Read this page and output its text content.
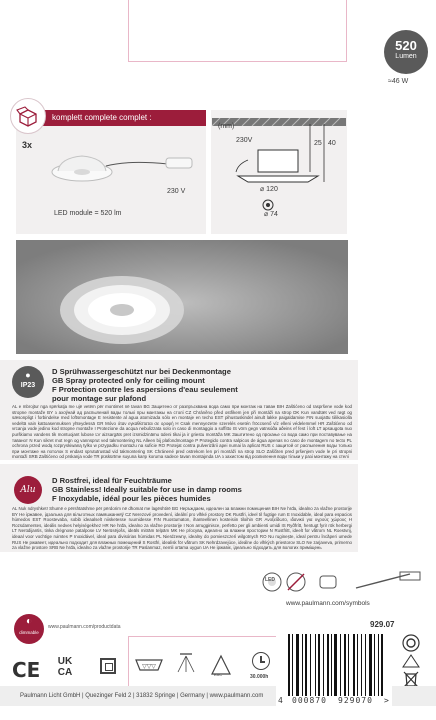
520
Lumen
≈46 W
komplett complete complet :
3x
230 V
LED module = 520 lm
(mm)
230V	25 40
⌀ 120
⌀ 74
●
IP23
D Sprühwassergeschützt nur bei Deckenmontage
GB Spray protected only for ceiling mount
F Protection contre les aspersions d'eau seulement
pour montage sur plafond
AL e mbrojtur nga spërkatja me ujë vetëm për montimet në tavan BG Защитено от разпръсквана вода само при монтаж на таван BIH Zaštićeno od raspršene vode kod stropne montaže BY з ахоўнай ад распыленай вады толькі пры мантажы на столі CZ Chráněno před ostřikem jen při montáži na strop DK Kun vandtæt ved røgt og sæsonpligt i forbindelse med loftsmontage E resistente al agua atomizada sólo en montaje en techo EST pihustuskindel ainult lakke paigaldamise FIN suojattu tiilikasiolla vedeltä vain kattoasennuksen yhteydessä GR Μόνο όταν εγκαθίσταται σε οροφή H Csak mennyezetre szerelés esetén fröccsenő víz elleni védelemmel HR Zaštićeno od vrcanja vode jedino kod stropne montaže I Protezione da acqua nebulizzata solo in caso di montaggio a soffitto IS vörn gegn vatnsúða aðeins ef fest í loft LT apsaugota nuo purškiamo vandens tik montuojant lubose LV aizsargāts pret izsmidzināmu ūdeni tikai ja ir griestu montāža MK Заштитено од прскање со вода само при поставување на таванот N Kun sikret mot regn og vannsprut ved takmontering NL Alleen bij plafondmontage P Protegido contra salpicos de água apenas no caso de montagem no tecto PL ochrona przed wodą rozpryskiwaną tylko w przypadku montażu na suficie RO Protejat contra pulverizării apei numai la aplicat RUS с защитой от распыления воды только при монтаже на потолок S endast sprututrustad vid takmontering SK Chránené pred ostrekom len pri montáži na strop SLO Zaščiten pred pršenjem vode le pri stropni montaži SRB Zaštićeno od prskanja vode TR püskürtme suyuna karşı koruma sadece tavan montajında UA з захистом від розпилення води тільки у разі монтажу на стелі
Alu
D Rostfrei, ideal für Feuchträume
GB Stainless! Ideally suitable for use in damp rooms
F Inoxydable, idéal pour les pièces humides
AL Nuk ndryshket! Shumë e përshtatshme për përdorim në dhomat me lagështirë BG Неръждаем, идеален за влажни помещения BIH Ne hrđa, idealno za vlažne prostorije BY Не іржавее, ідэальна для вільготных памяшканняў CZ Nerezové provedení, ideální pro vlhké prostory DK Rustfri, ideel til fugtige rum E Inoxidable, ideal para espacios húmedos EST Roostevaba, sobib ideaalselt niisketesse ruumidesse FIN Ruostumaton, ihanteellinen kosteisiin tiloihin GR Ανοξείδωτο, ιδανικό για υγρούς χώρους H Rozsdamentes, ideális nedves helyiségekhez HR Ne hrđa, idealno za vlažne prostorije I Non arrugginisce, perfetto per gli ambienti umidi IS Ryðfrítt, hentugt fyrir rök herbergi LT Nerūdijantis, tinka drėgnose patalpose LV Nerūsējošs, ideāls mitrām telpām MK Не рѓосува, идеално за влажни простории N Rustfritt, ideelt for våtrom NL Roestvrij, ideaal voor vochtige ruimtes P Inoxidável, ideal para divisórias húmidas PL Nierdzewny, idealny do pomieszczeń wilgotnych RO Nu ruginește, ideal pentru încăperi umede RUS Не ржавеет, идеально подходит для влажных помещений S Rostfri, idealisk för våtrum SK Nehrdzavejúce, ideálne do vlhkých priestorov SLO Ne zarjaveva, primerno za vlažne prostore SRB Ne hrđa, idealno za vlažne prostorije TR Paslanmaz, nemli ortama uygun UA Не іржавіє, ідеально підходить для вологих приміщень
LED
www.paulmann.com/symbols
◐
dimmable
www.paulmann.com/productdata
CE	UK
CA
▽▽▽
EAC	30.000h
929.07
Paulmann Licht GmbH | Quezinger Feld 2 | 31832 Springe | Germany | www.paulmann.com	4 000870 929070 >
